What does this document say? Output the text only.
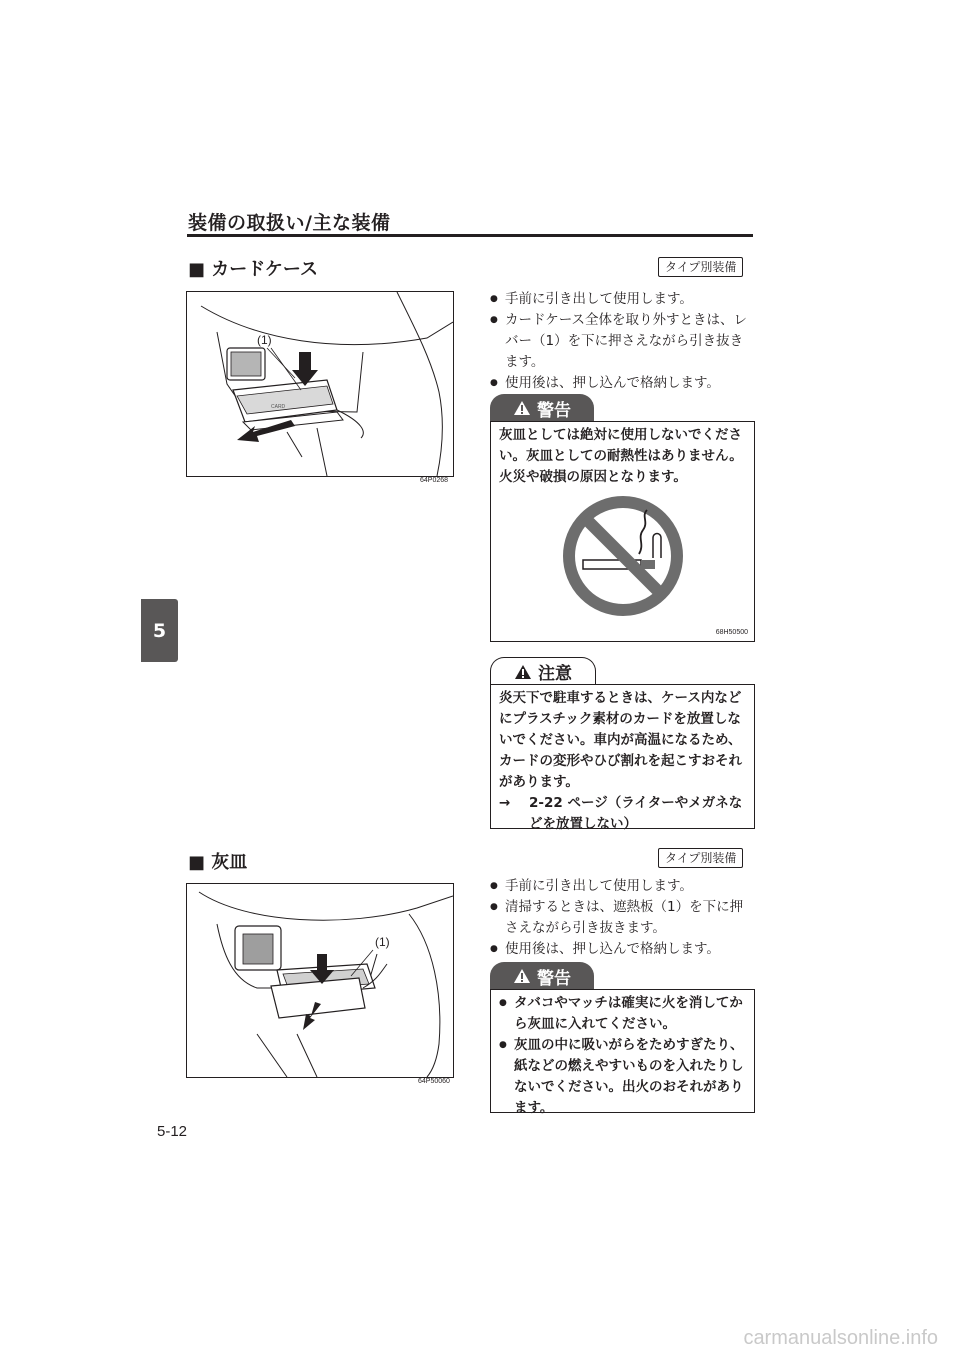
装備の取扱い/主な装備
5
■ カードケース	タイプ別装備
CARD
(1)
64P0268
● 手前に引き出して使用します。
● カードケース全体を取り外すときは、レバー（1）を下に押さえながら引き抜きます。
● 使用後は、押し込んで格納します。
警告
灰皿としては絶対に使用しないでください。灰皿としての耐熱性はありません。火災や破損の原因となります。
68H50500
注意
炎天下で駐車するときは、ケース内などにプラスチック素材のカードを放置しないでください。車内が高温になるため、カードの変形やひび割れを起こすおそれがあります。
→	2-22 ページ（ライターやメガネなどを放置しない）
■ 灰皿	タイプ別装備
(1)
64P50060
● 手前に引き出して使用します。
● 清掃するときは、遮熱板（1）を下に押さえながら引き抜きます。
● 使用後は、押し込んで格納します。
警告
● タバコやマッチは確実に火を消してから灰皿に入れてください。
● 灰皿の中に吸いがらをためすぎたり、紙などの燃えやすいものを入れたりしないでください。出火のおそれがあります。
5-12
carmanualsonline.info
